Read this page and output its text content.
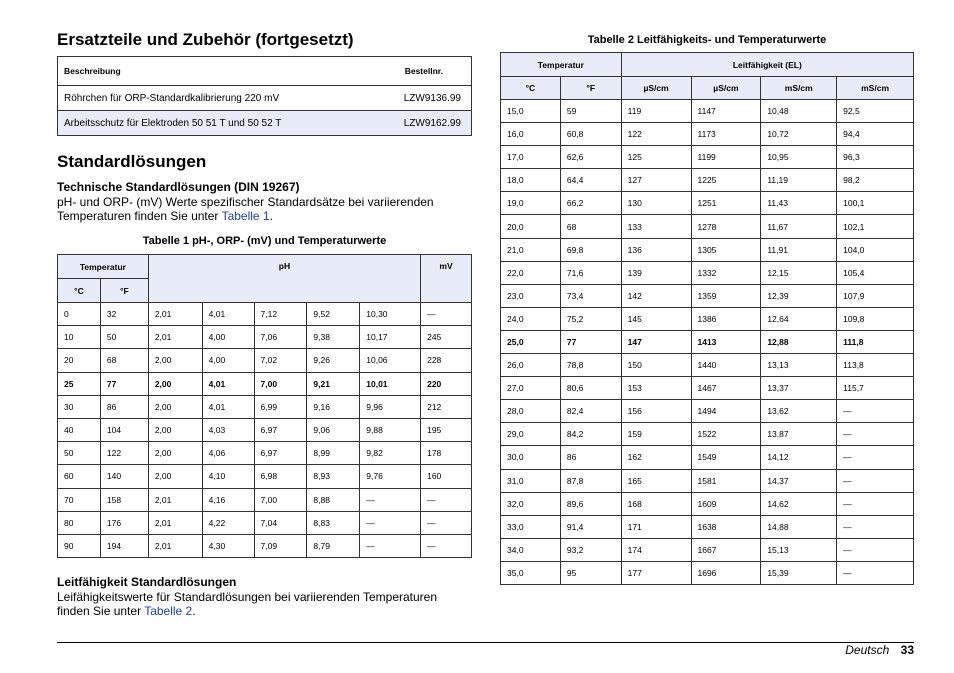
Ersatzteile und Zubehör (fortgesetzt)
Beschreibung	Bestellnr.
Röhrchen für ORP-Standardkalibrierung 220 mV	LZW9136.99
Arbeitsschutz für Elektroden 50 51 T und 50 52 T	LZW9162.99
Standardlösungen
Technische Standardlösungen (DIN 19267)

pH- und ORP- (mV) Werte spezifischer Standardsätze bei variierenden Temperaturen finden Sie unter Tabelle 1.

Tabelle 1 pH-, ORP- (mV) und Temperaturwerte
Temperatur		pH					mV
°C	°F						
0	32	2,01	4,01	7,12	9,52	10,30	—
10	50	2,01	4,00	7,06	9,38	10,17	245
20	68	2,00	4,00	7,02	9,26	10,06	228
25	77	2,00	4,01	7,00	9,21	10,01	220
30	86	2,00	4,01	6,99	9,16	9,96	212
40	104	2,00	4,03	6,97	9,06	9,88	195
50	122	2,00	4,06	6,97	8,99	9,82	178
60	140	2,00	4,10	6,98	8,93	9,76	160
70	158	2,01	4,16	7,00	8,88	—	—
80	176	2,01	4,22	7,04	8,83	—	—
90	194	2,01	4,30	7,09	8,79	—	—
Leitfähigkeit Standardlösungen

Leifähigkeitswerte für Standardlösungen bei variierenden Temperaturen finden Sie unter Tabelle 2.

Tabelle 2 Leitfähigkeits- und Temperaturwerte
Temperatur		Leitfähigkeit (EL)			
°C	°F	µS/cm	µS/cm	mS/cm	mS/cm
15,0	59	119	1147	10,48	92,5
16,0	60,8	122	1173	10,72	94,4
17,0	62,6	125	1199	10,95	96,3
18,0	64,4	127	1225	11,19	98,2
19,0	66,2	130	1251	11,43	100,1
20,0	68	133	1278	11,67	102,1
21,0	69,8	136	1305	11,91	104,0
22,0	71,6	139	1332	12,15	105,4
23,0	73,4	142	1359	12,39	107,9
24,0	75,2	145	1386	12,64	109,8
25,0	77	147	1413	12,88	111,8
26,0	78,8	150	1440	13,13	113,8
27,0	80,6	153	1467	13,37	115,7
28,0	82,4	156	1494	13,62	—
29,0	84,2	159	1522	13,87	—
30,0	86	162	1549	14,12	—
31,0	87,8	165	1581	14,37	—
32,0	89,6	168	1609	14,62	—
33,0	91,4	171	1638	14,88	—
34,0	93,2	174	1667	15,13	—
35,0	95	177	1696	15,39	—
Deutsch 33
